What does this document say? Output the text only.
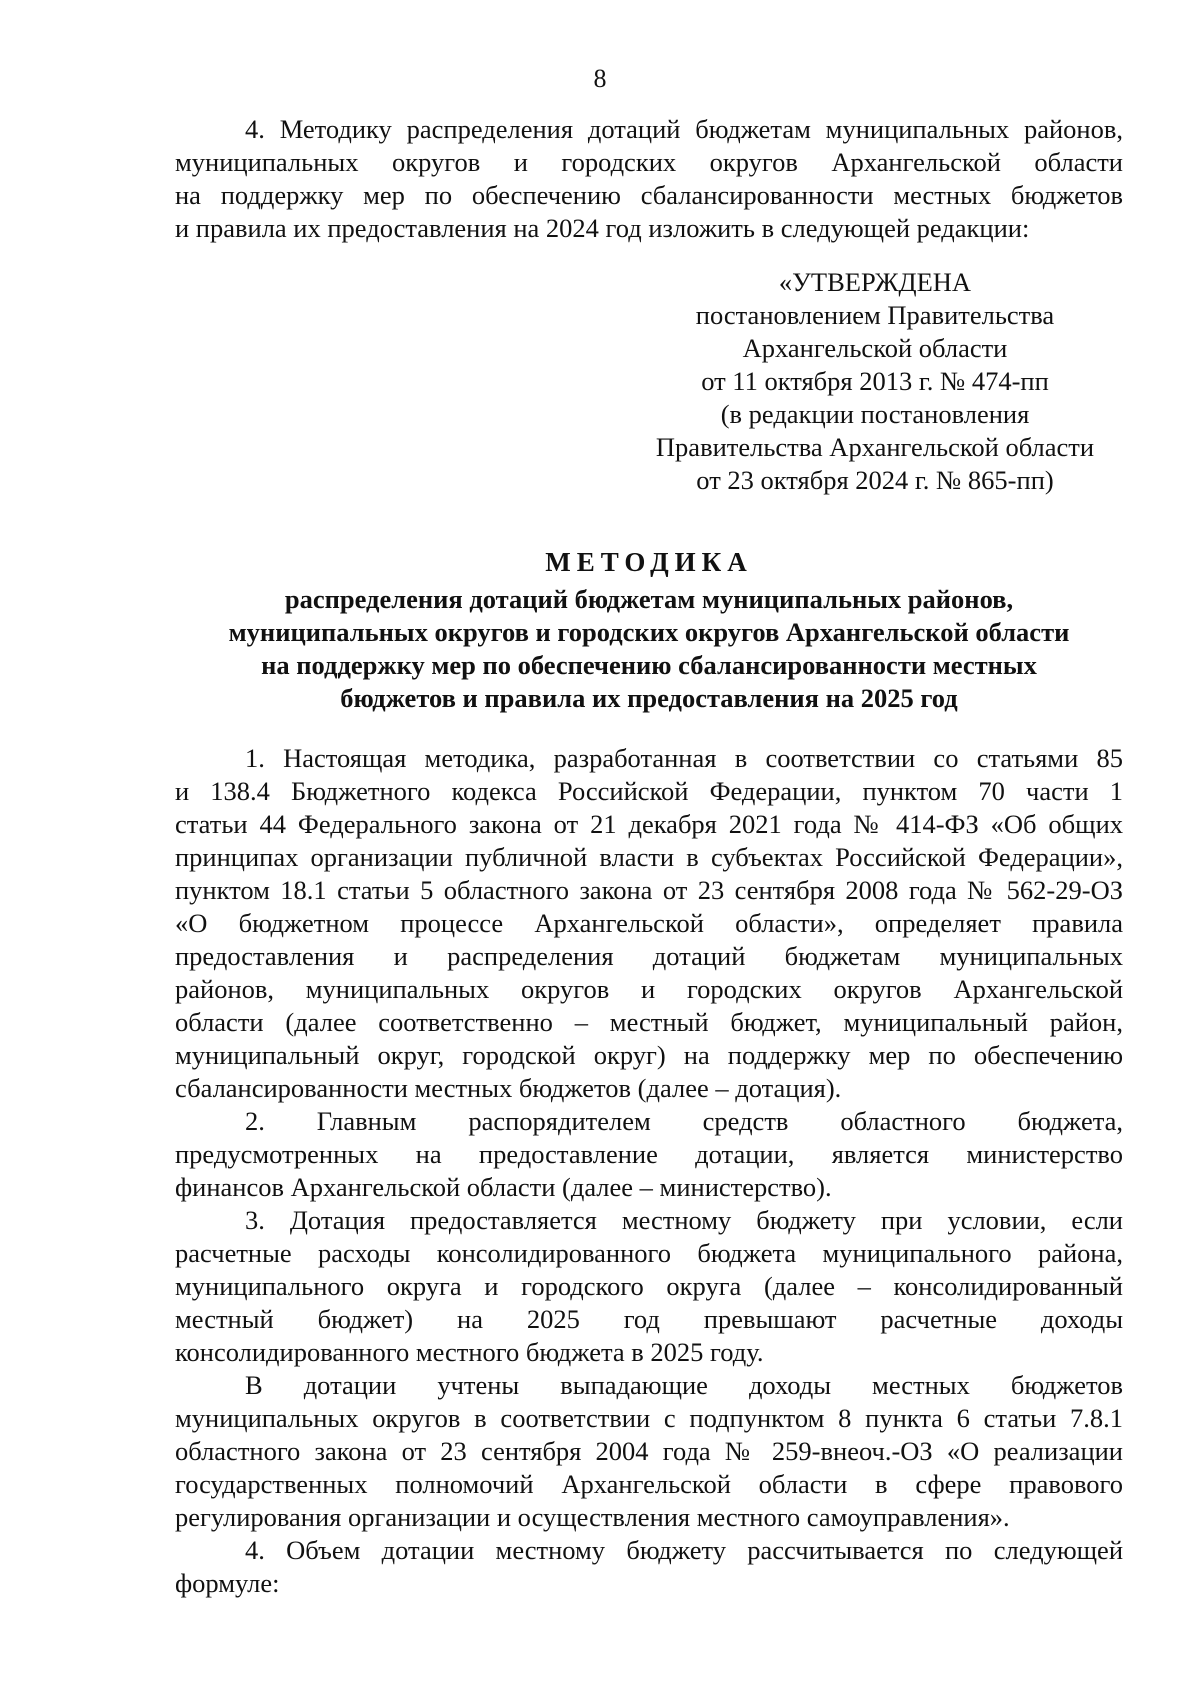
8
4. Методику распределения дотаций бюджетам муниципальных районов,
муниципальных округов и городских округов Архангельской области
на поддержку мер по обеспечению сбалансированности местных бюджетов
и правила их предоставления на 2024 год изложить в следующей редакции:
«УТВЕРЖДЕНА
постановлением Правительства
Архангельской области
от 11 октября 2013 г. № 474-пп
(в редакции постановления
Правительства Архангельской области
от 23 октября 2024 г. № 865-пп)
МЕТОДИКА
распределения дотаций бюджетам муниципальных районов,
муниципальных округов и городских округов Архангельской области
на поддержку мер по обеспечению сбалансированности местных
бюджетов и правила их предоставления на 2025 год
1. Настоящая методика, разработанная в соответствии со статьями 85
и 138.4 Бюджетного кодекса Российской Федерации, пунктом 70 части 1
статьи 44 Федерального закона от 21 декабря 2021 года № 414-ФЗ «Об общих
принципах организации публичной власти в субъектах Российской Федерации»,
пунктом 18.1 статьи 5 областного закона от 23 сентября 2008 года № 562-29-ОЗ
«О бюджетном процессе Архангельской области», определяет правила
предоставления и распределения дотаций бюджетам муниципальных
районов, муниципальных округов и городских округов Архангельской
области (далее соответственно – местный бюджет, муниципальный район,
муниципальный округ, городской округ) на поддержку мер по обеспечению
сбалансированности местных бюджетов (далее – дотация).
2. Главным распорядителем средств областного бюджета,
предусмотренных на предоставление дотации, является министерство
финансов Архангельской области (далее – министерство).
3. Дотация предоставляется местному бюджету при условии, если
расчетные расходы консолидированного бюджета муниципального района,
муниципального округа и городского округа (далее – консолидированный
местный бюджет) на 2025 год превышают расчетные доходы
консолидированного местного бюджета в 2025 году.
В дотации учтены выпадающие доходы местных бюджетов
муниципальных округов в соответствии с подпунктом 8 пункта 6 статьи 7.8.1
областного закона от 23 сентября 2004 года № 259-внеоч.-ОЗ «О реализации
государственных полномочий Архангельской области в сфере правового
регулирования организации и осуществления местного самоуправления».
4. Объем дотации местному бюджету рассчитывается по следующей
формуле:
